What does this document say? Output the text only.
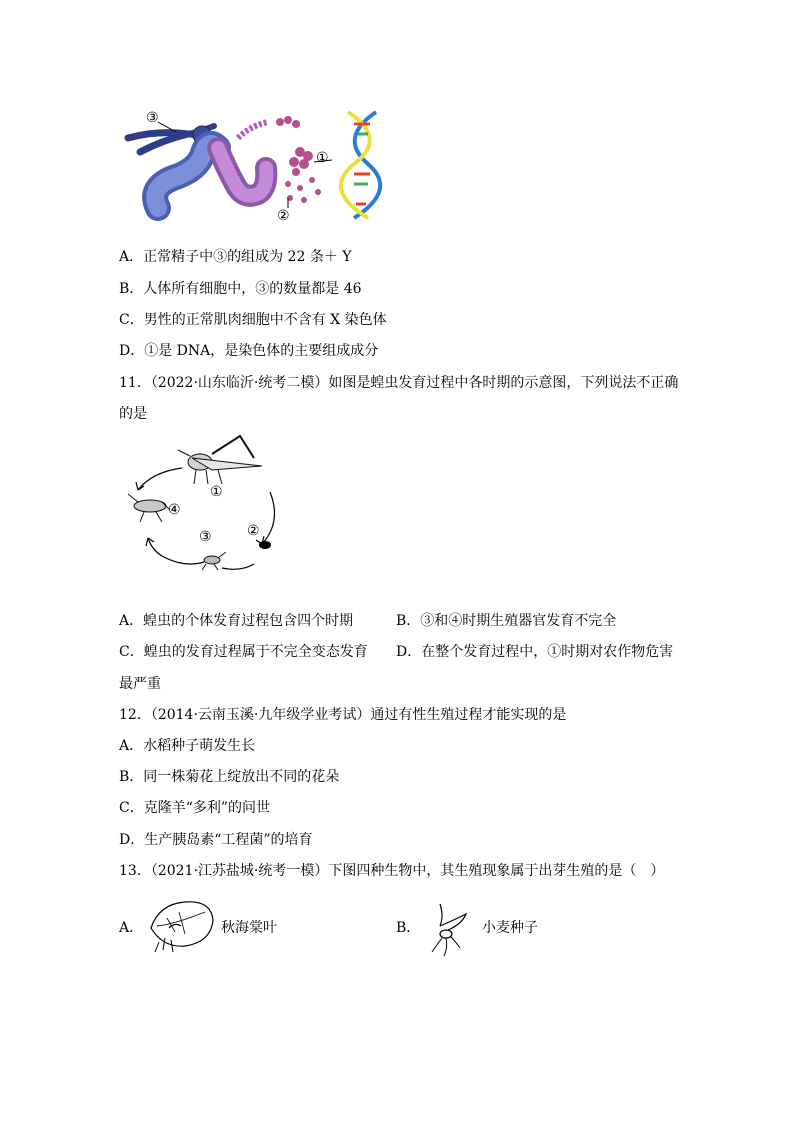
③
①
②
A．正常精子中③的组成为 22 条＋ Y
B．人体所有细胞中，③的数量都是 46
C．男性的正常肌肉细胞中不含有 X 染色体
D．①是 DNA，是染色体的主要组成成分
11．（2022·山东临沂·统考二模）如图是蝗虫发育过程中各时期的示意图，下列说法不正确
的是
①
②
③
④
A．蝗虫的个体发育过程包含四个时期	B．③和④时期生殖器官发育不完全
C．蝗虫的发育过程属于不完全变态发育 D．在整个发育过程中，①时期对农作物危害
最严重
12．（2014·云南玉溪·九年级学业考试）通过有性生殖过程才能实现的是
A．水稻种子萌发生长
B．同一株菊花上绽放出不同的花朵
C．克隆羊“多利”的问世
D．生产胰岛素“工程菌”的培育
13．（2021·江苏盐城·统考一模）下图四种生物中，其生殖现象属于出芽生殖的是（　）
A．	秋海棠叶	B．	小麦种子
